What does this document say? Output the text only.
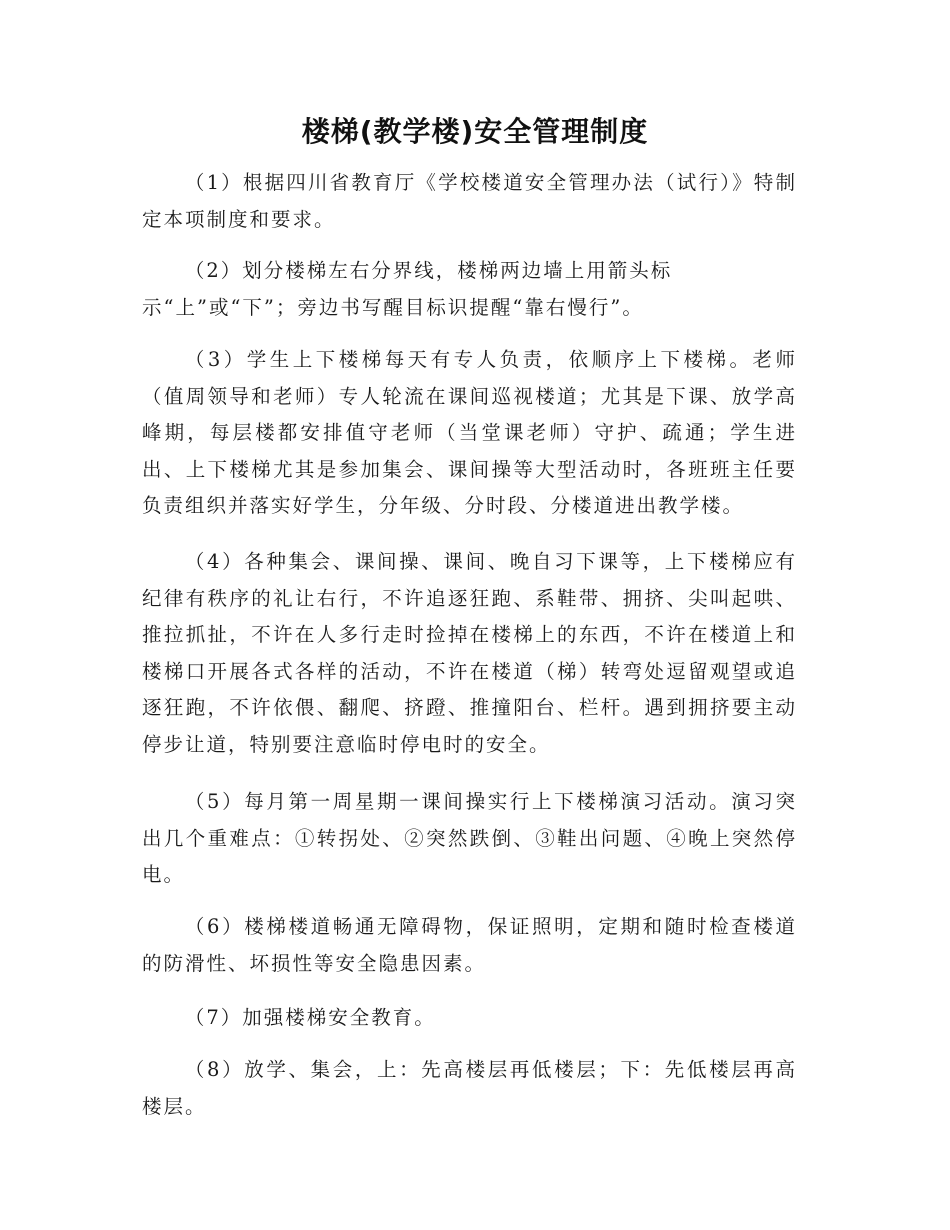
楼梯(教学楼)安全管理制度

（1）根据四川省教育厅《学校楼道安全管理办法（试行）》特制定本项制度和要求。

（2）划分楼梯左右分界线，楼梯两边墙上用箭头标
示“上”或“下”；旁边书写醒目标识提醒“靠右慢行”。

（3）学生上下楼梯每天有专人负责，依顺序上下楼梯。老师（值周领导和老师）专人轮流在课间巡视楼道；尤其是下课、放学高峰期，每层楼都安排值守老师（当堂课老师）守护、疏通；学生进出、上下楼梯尤其是参加集会、课间操等大型活动时，各班班主任要负责组织并落实好学生，分年级、分时段、分楼道进出教学楼。

（4）各种集会、课间操、课间、晚自习下课等，上下楼梯应有纪律有秩序的礼让右行，不许追逐狂跑、系鞋带、拥挤、尖叫起哄、推拉抓扯，不许在人多行走时捡掉在楼梯上的东西，不许在楼道上和楼梯口开展各式各样的活动，不许在楼道（梯）转弯处逗留观望或追逐狂跑，不许依偎、翻爬、挤蹬、推撞阳台、栏杆。遇到拥挤要主动停步让道，特别要注意临时停电时的安全。

（5）每月第一周星期一课间操实行上下楼梯演习活动。演习突出几个重难点：①转拐处、②突然跌倒、③鞋出问题、④晚上突然停电。

（6）楼梯楼道畅通无障碍物，保证照明，定期和随时检查楼道的防滑性、坏损性等安全隐患因素。

（7）加强楼梯安全教育。

（8）放学、集会，上：先高楼层再低楼层；下：先低楼层再高楼层。
